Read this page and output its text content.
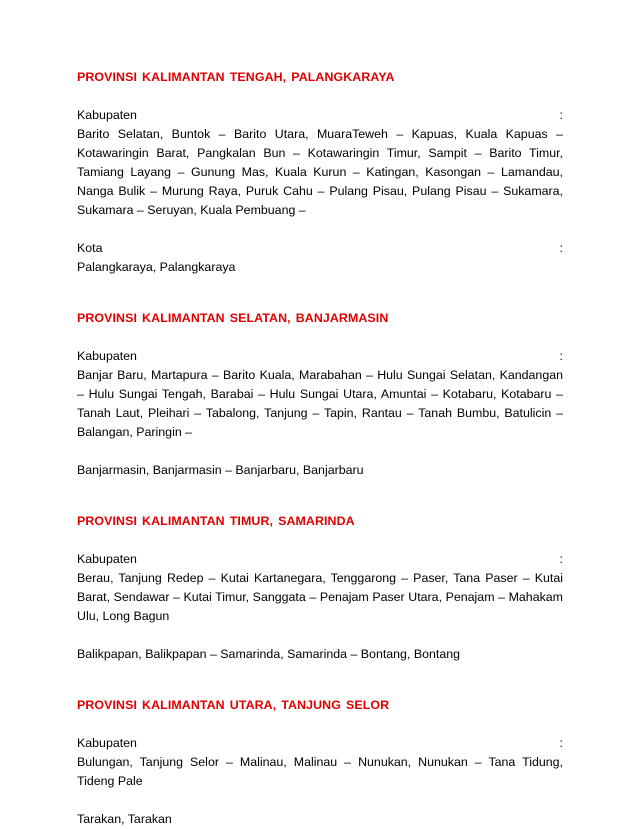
PROVINSI KALIMANTAN TENGAH, PALANGKARAYA
Kabupaten	:
Barito Selatan, Buntok – Barito Utara, MuaraTeweh – Kapuas, Kuala Kapuas – Kotawaringin Barat, Pangkalan Bun – Kotawaringin Timur, Sampit – Barito Timur, Tamiang Layang – Gunung Mas, Kuala Kurun – Katingan, Kasongan – Lamandau, Nanga Bulik – Murung Raya, Puruk Cahu – Pulang Pisau, Pulang Pisau – Sukamara, Sukamara – Seruyan, Kuala Pembuang –
Kota	:
Palangkaraya, Palangkaraya
PROVINSI KALIMANTAN SELATAN, BANJARMASIN
Kabupaten	:
Banjar Baru, Martapura – Barito Kuala, Marabahan – Hulu Sungai Selatan, Kandangan – Hulu Sungai Tengah, Barabai – Hulu Sungai Utara, Amuntai – Kotabaru, Kotabaru – Tanah Laut, Pleihari – Tabalong, Tanjung – Tapin, Rantau – Tanah Bumbu, Batulicin – Balangan, Paringin –
Banjarmasin, Banjarmasin – Banjarbaru, Banjarbaru
PROVINSI KALIMANTAN TIMUR, SAMARINDA
Kabupaten	:
Berau, Tanjung Redep – Kutai Kartanegara, Tenggarong – Paser, Tana Paser – Kutai Barat, Sendawar – Kutai Timur, Sanggata – Penajam Paser Utara, Penajam – Mahakam Ulu, Long Bagun
Balikpapan, Balikpapan – Samarinda, Samarinda – Bontang, Bontang
PROVINSI KALIMANTAN UTARA, TANJUNG SELOR
Kabupaten	:
Bulungan, Tanjung Selor – Malinau, Malinau – Nunukan, Nunukan – Tana Tidung, Tideng Pale
Tarakan, Tarakan
